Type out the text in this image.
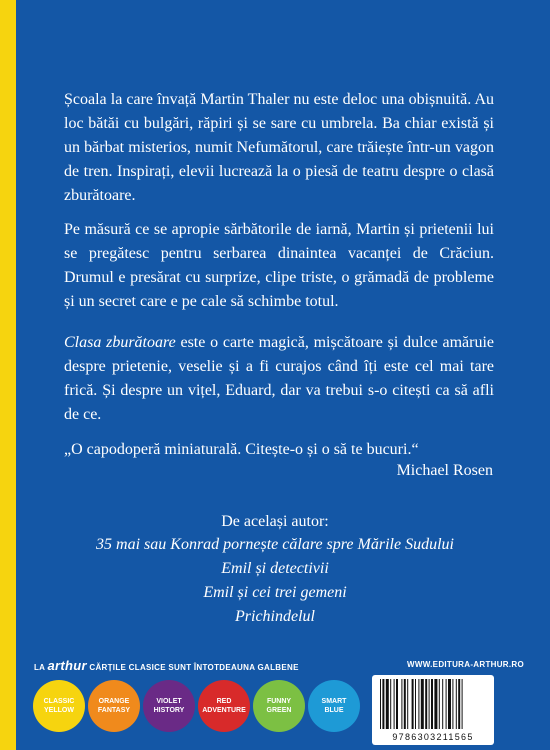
Școala la care învață Martin Thaler nu este deloc una obișnuită. Au loc bătăi cu bulgări, răpiri și se sare cu umbrela. Ba chiar există și un bărbat misterios, numit Nefumătorul, care trăiește într-un vagon de tren. Inspirați, elevii lucrează la o piesă de teatru despre o clasă zburătoare.

Pe măsură ce se apropie sărbătorile de iarnă, Martin și prietenii lui se pregătesc pentru serbarea dinaintea vacanței de Crăciun. Drumul e presărat cu surprize, clipe triste, o grămadă de probleme și un secret care e pe cale să schimbe totul.

Clasa zburătoare este o carte magică, mișcătoare și dulce amăruie despre prietenie, veselie și a fi curajos când îți este cel mai tare frică. Și despre un vițel, Eduard, dar va trebui s-o citești ca să afli de ce.

„O capodoperă miniaturală. Citește-o și o să te bucuri.“
Michael Rosen
De același autor:
35 mai sau Konrad pornește călare spre Mările Sudului
Emil și detectivii
Emil și cei trei gemeni
Prichindelul
LA arthur CĂRȚILE CLASICE SUNT ÎNTOTDEAUNA GALBENE	WWW.EDITURA-ARTHUR.RO
CLASSIC
YELLOW
ORANGE
FANTASY
VIOLET
HISTORY
RED
ADVENTURE
FUNNY
GREEN
SMART
BLUE
9786303211565
